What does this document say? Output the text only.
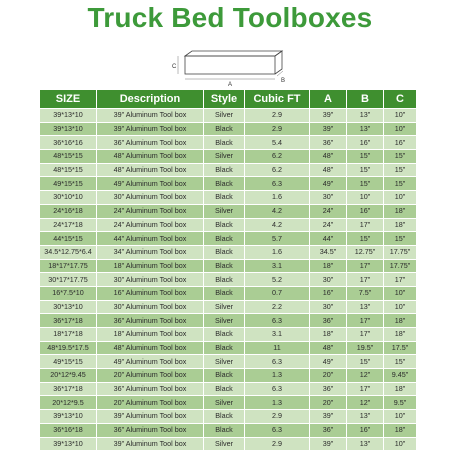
Truck Bed Toolboxes
C
A
B
SIZE	Description	Style	Cubic FT	A	B	C
39*13*10	39" Aluminum Tool box	Silver	2.9	39"	13"	10"
39*13*10	39" Aluminum Tool box	Black	2.9	39"	13"	10"
36*16*16	36" Aluminum Tool box	Black	5.4	36"	16"	16"
48*15*15	48" Aluminum Tool box	Silver	6.2	48"	15"	15"
48*15*15	48" Aluminum Tool box	Black	6.2	48"	15"	15"
49*15*15	49" Aluminum Tool box	Black	6.3	49"	15"	15"
30*10*10	30" Aluminum Tool box	Black	1.6	30"	10"	10"
24*16*18	24" Aluminum Tool box	Silver	4.2	24"	16"	18"
24*17*18	24" Aluminum Tool box	Black	4.2	24"	17"	18"
44*15*15	44" Aluminum Tool box	Black	5.7	44"	15"	15"
34.5*12.75*6.4	34" Aluminum Tool box	Black	1.6	34.5"	12.75"	17.75"
18*17*17.75	18" Aluminum Tool box	Black	3.1	18"	17"	17.75"
30*17*17.75	30" Aluminum Tool box	Black	5.2	30"	17"	17"
16*7.5*10	16" Aluminum Tool box	Black	0.7	16"	7.5"	10"
30*13*10	30" Aluminum Tool box	Silver	2.2	30"	13"	10"
36*17*18	36" Aluminum Tool box	Silver	6.3	36"	17"	18"
18*17*18	18" Aluminum Tool box	Black	3.1	18"	17"	18"
48*19.5*17.5	48" Aluminum Tool box	Black	11	48"	19.5"	17.5"
49*15*15	49" Aluminum Tool box	Silver	6.3	49"	15"	15"
20*12*9.45	20" Aluminum Tool box	Black	1.3	20"	12"	9.45"
36*17*18	36" Aluminum Tool box	Black	6.3	36"	17"	18"
20*12*9.5	20" Aluminum Tool box	Silver	1.3	20"	12"	9.5"
39*13*10	39" Aluminum Tool box	Black	2.9	39"	13"	10"
36*16*18	36" Aluminum Tool box	Black	6.3	36"	16"	18"
39*13*10	39" Aluminum Tool box	Silver	2.9	39"	13"	10"
